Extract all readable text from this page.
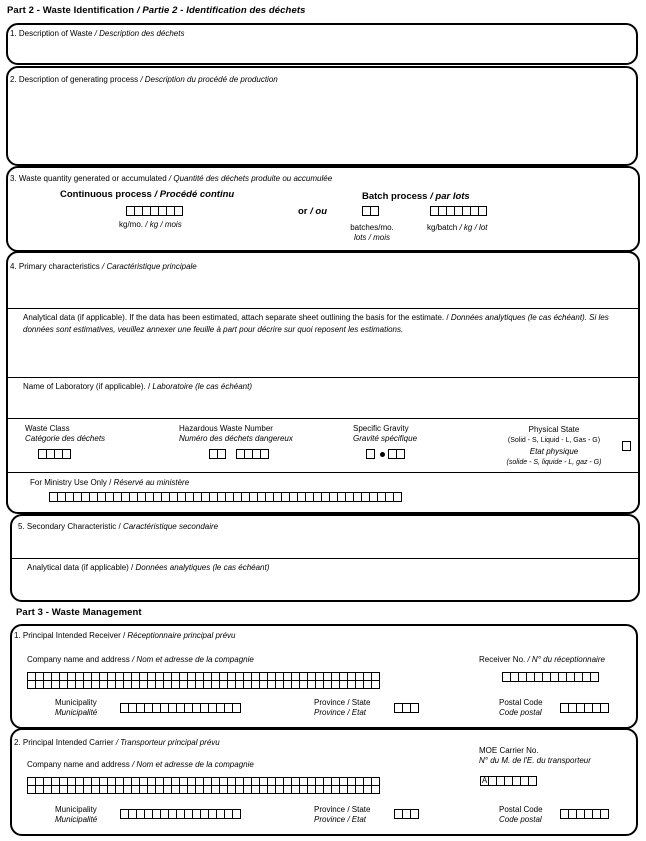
Part 2 - Waste Identification / Partie 2 - Identification des déchets
1. Description of Waste / Description des déchets
2. Description of generating process / Description du procédé de production
3. Waste quantity generated or accumulated / Quantité des déchets produite ou accumulée
Continuous process / Procédé continu
kg/mo. / kg / mois
or / ou
Batch process / par lots
batches/mo.
lots / mois
kg/batch / kg / lot
4. Primary characteristics / Caractéristique principale
Analytical data (if applicable). If the data has been estimated, attach separate sheet outlining the basis for the estimate. / Données analytiques (le cas échéant). Si les données sont estimatives, veuillez annexer une feuille à part pour décrire sur quoi reposent les estimations.
Name of Laboratory (if applicable). / Laboratoire (le cas échéant)
Waste Class
Catégorie des déchets
Hazardous Waste Number
Numéro des déchets dangereux
Specific Gravity
Gravité spécifique
Physical State
(Solid - S, Liquid - L, Gas - G)
Etat physique
(solide - S, liquide - L, gaz - G)
For Ministry Use Only / Réservé au ministère
5. Secondary Characteristic / Caractéristique secondaire
Analytical data (if applicable) / Données analytiques (le cas échéant)
Part 3 - Waste Management
1. Principal Intended Receiver / Réceptionnaire principal prévu
Company name and address / Nom et adresse de la compagnie	Receiver No. / N° du réceptionnaire
Municipality
Municipalité
Province / State
Province / Etat
Postal Code
Code postal
2. Principal Intended Carrier / Transporteur principal prévu
Company name and address / Nom et adresse de la compagnie
MOE Carrier No.
N° du M. de l'E. du transporteur
A
Municipality
Municipalité
Province / State
Province / Etat
Postal Code
Code postal
